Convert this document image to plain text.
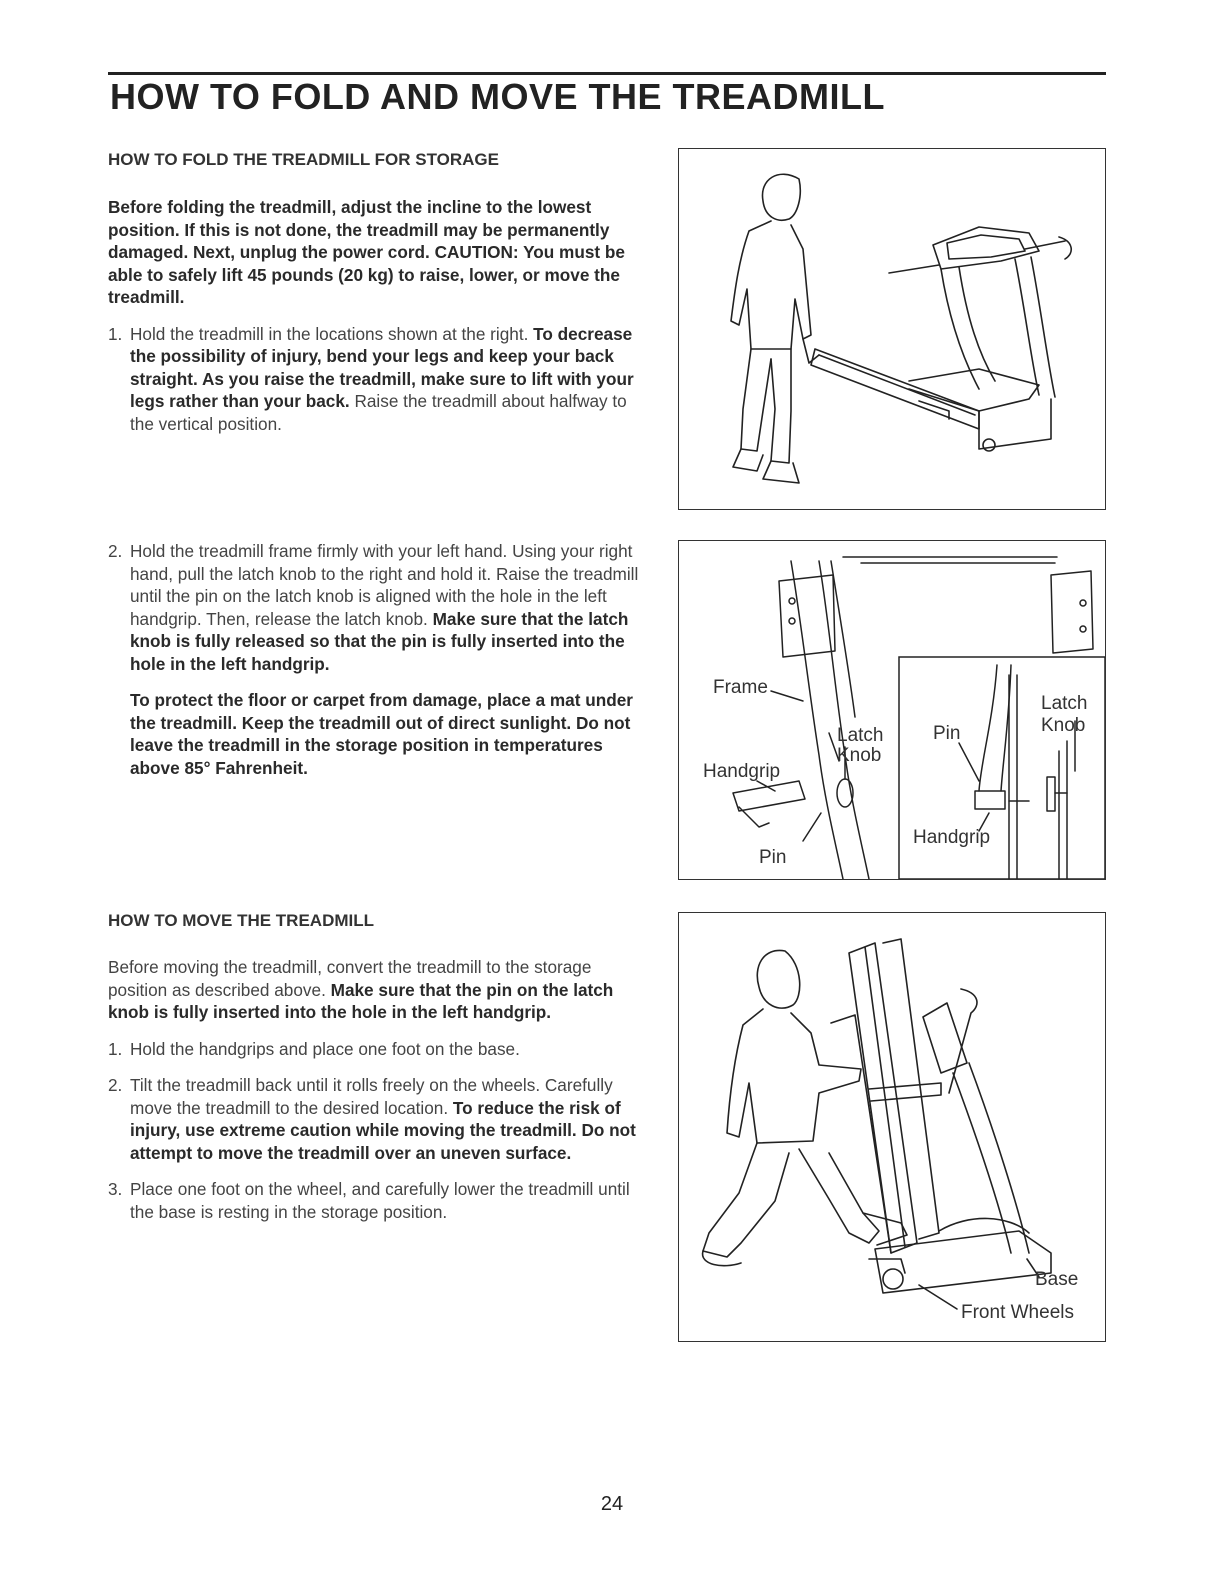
HOW TO FOLD AND MOVE THE TREADMILL
HOW TO FOLD THE TREADMILL FOR STORAGE

Before folding the treadmill, adjust the incline to the lowest position. If this is not done, the treadmill may be permanently damaged. Next, unplug the power cord. CAUTION: You must be able to safely lift 45 pounds (20 kg) to raise, lower, or move the treadmill.

1. Hold the treadmill in the locations shown at the right. To decrease the possibility of injury, bend your legs and keep your back straight. As you raise the treadmill, make sure to lift with your legs rather than your back. Raise the treadmill about halfway to the vertical position.

2. Hold the treadmill frame firmly with your left hand. Using your right hand, pull the latch knob to the right and hold it. Raise the treadmill until the pin on the latch knob is aligned with the hole in the left handgrip. Then, release the latch knob. Make sure that the latch knob is fully released so that the pin is fully inserted into the hole in the left handgrip.

To protect the floor or carpet from damage, place a mat under the treadmill. Keep the treadmill out of direct sunlight. Do not leave the treadmill in the storage position in temperatures above 85° Fahrenheit.

HOW TO MOVE THE TREADMILL

Before moving the treadmill, convert the treadmill to the storage position as described above. Make sure that the pin on the latch knob is fully inserted into the hole in the left handgrip.

1. Hold the handgrips and place one foot on the base.

2. Tilt the treadmill back until it rolls freely on the wheels. Carefully move the treadmill to the desired location. To reduce the risk of injury, use extreme caution while moving the treadmill. Do not attempt to move the treadmill over an uneven surface.

3. Place one foot on the wheel, and carefully lower the treadmill until the base is resting in the storage position.

Frame
Latch
Knob
Handgrip
Pin
Pin
Latch
Knob
Handgrip
Base
Front Wheels
24
